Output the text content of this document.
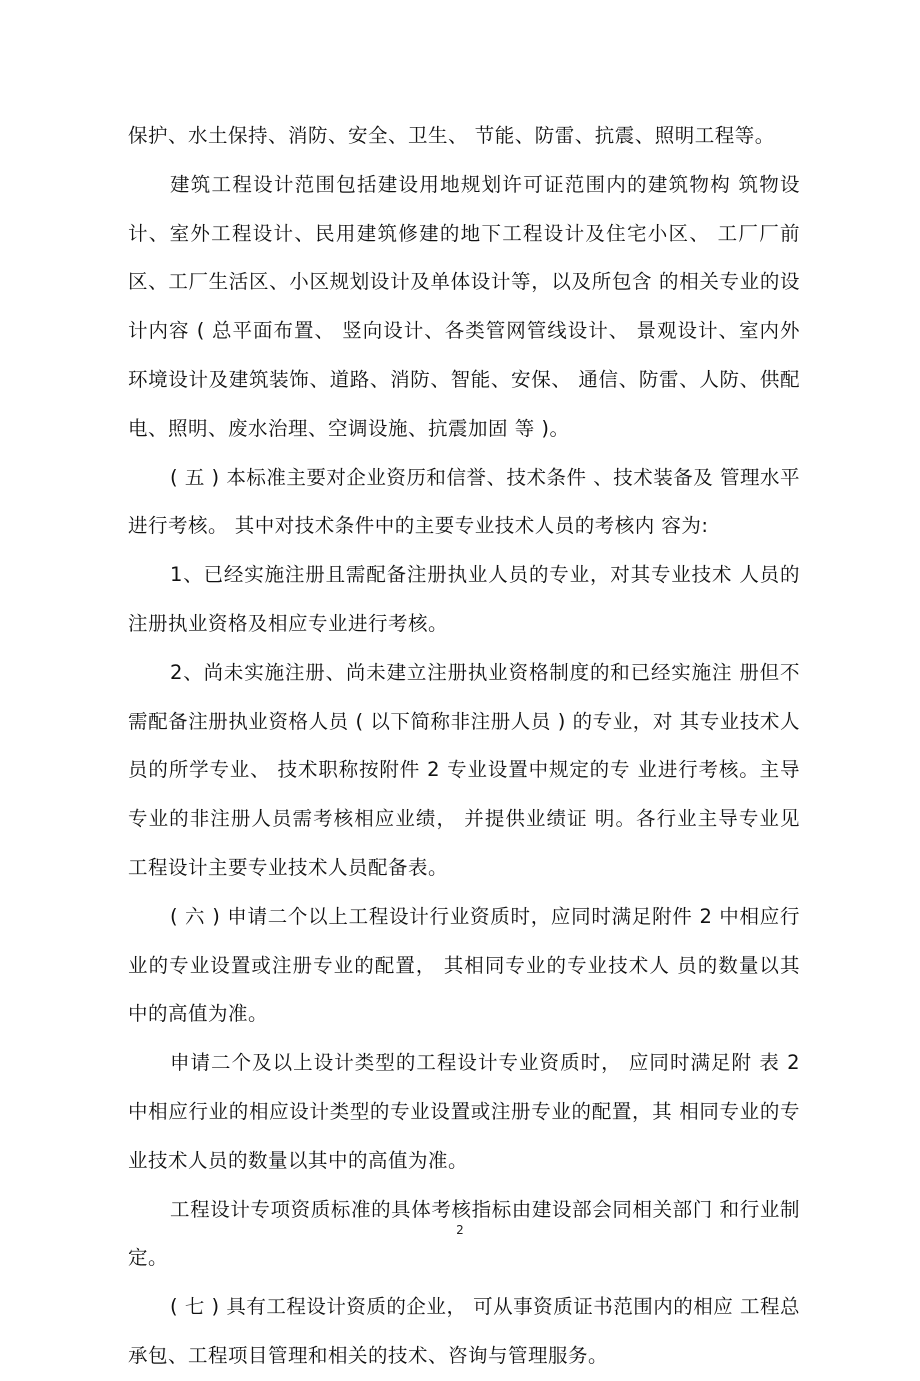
保护、水土保持、消防、安全、卫生、 节能、防雷、抗震、照明工程等。

建筑工程设计范围包括建设用地规划许可证范围内的建筑物构 筑物设计、室外工程设计、民用建筑修建的地下工程设计及住宅小区、 工厂厂前区、工厂生活区、小区规划设计及单体设计等，以及所包含 的相关专业的设计内容 ( 总平面布置、 竖向设计、各类管网管线设计、 景观设计、室内外环境设计及建筑装饰、道路、消防、智能、安保、 通信、防雷、人防、供配电、照明、废水治理、空调设施、抗震加固 等 )。

( 五 ) 本标准主要对企业资历和信誉、技术条件 、技术装备及 管理水平进行考核。 其中对技术条件中的主要专业技术人员的考核内 容为:

1、已经实施注册且需配备注册执业人员的专业，对其专业技术 人员的注册执业资格及相应专业进行考核。

2、尚未实施注册、尚未建立注册执业资格制度的和已经实施注 册但不需配备注册执业资格人员 ( 以下简称非注册人员 ) 的专业，对 其专业技术人员的所学专业、 技术职称按附件 2 专业设置中规定的专 业进行考核。主导专业的非注册人员需考核相应业绩， 并提供业绩证 明。各行业主导专业见工程设计主要专业技术人员配备表。

( 六 ) 申请二个以上工程设计行业资质时，应同时满足附件 2 中相应行业的专业设置或注册专业的配置， 其相同专业的专业技术人 员的数量以其中的高值为准。

申请二个及以上设计类型的工程设计专业资质时， 应同时满足附 表 2 中相应行业的相应设计类型的专业设置或注册专业的配置，其 相同专业的专业技术人员的数量以其中的高值为准。

工程设计专项资质标准的具体考核指标由建设部会同相关部门 和行业制定。

( 七 ) 具有工程设计资质的企业， 可从事资质证书范围内的相应 工程总承包、工程项目管理和相关的技术、咨询与管理服务。

2
